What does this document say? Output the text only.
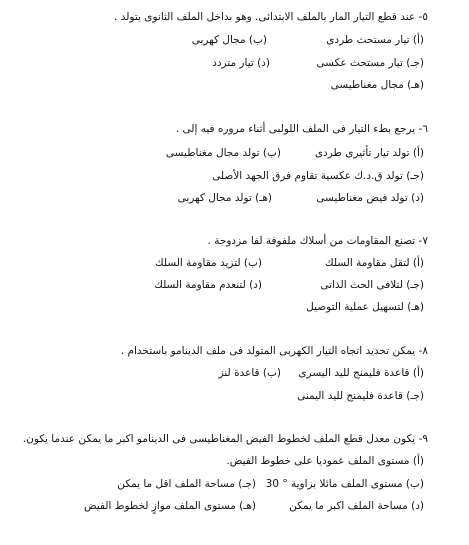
٥- عند قطع التيار المار بالملف الابتدائى. وهو بداخل الملف الثانوى يتولد .
(أ) تيار مستحث طردى
(ب) مجال كهربى
(جـ) تيار مستحث عكسى
(د) تيار متردد
(هـ) مجال مغناطيسى
٦- يرجع بطء التيار فى الملف اللولبى أثناء مروره فيه إلى .
(أ) تولد تيار تأثيرى طردى
(ب) تولد مجال مغناطيسى
(جـ) تولد ق.د.ك عكسية تقاوم فرق الجهد الأصلى
(د) تولد فيض مغناطيسى
(هـ) تولد مجال كهربى
٧- تصنع المقاومات من أسلاك ملفوفة لفا مزدوجة .
(أ) لتقل مقاومة السلك
(ب) لتزيد مقاومة السلك
(جـ) لتلافى الحث الذاتى
(د) لتنعدم مقاومة السلك
(هـ) لتسهيل عملية التوصيل
٨- يمكن تحديد اتجاه التيار الكهربى المتولد فى ملف الدينامو باستخدام .
(أ) قاعدة فليمنج لليد اليسرى
(ب) قاعدة لنز
(جـ) قاعدة فليمنج لليد اليمنى
٩- يكون معدل قطع الملف لخطوط الفيض المغناطيسى فى الدينامو اكبر ما يمكن عندما يكون.
(أ) مستوى الملف عموديا على خطوط الفيض.
(ب) مستوى الملف مائلا بزاوية ° 30
(جـ) مساحة الملف اقل ما يمكن
(د) مساحة الملف اكبر ما يمكن
(هـ) مستوى الملف موازٍ لخطوط الفيض
